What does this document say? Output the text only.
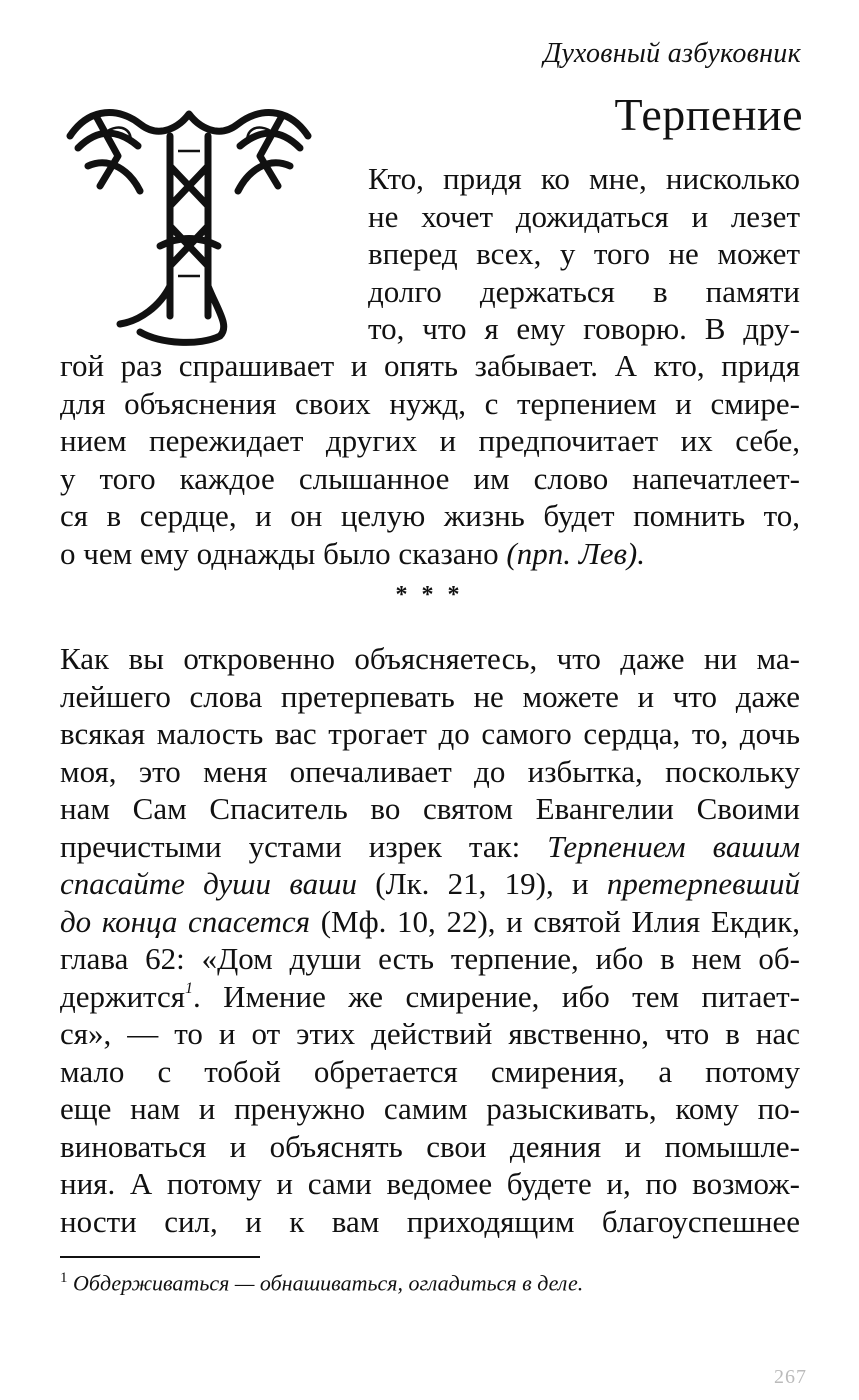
Духовный азбуковник
Терпение
Кто, придя ко мне, нисколько
не хочет дожидаться и лезет
вперед всех, у того не может
долго держаться в памяти
то, что я ему говорю. В дру-
гой раз спрашивает и опять забывает. А кто, придя
для объяснения своих нужд, с терпением и смире-
нием пережидает других и предпочитает их себе,
у того каждое слышанное им слово напечатлеет-
ся в сердце, и он целую жизнь будет помнить то,
о чем ему однажды было сказано (прп. Лев).
* * *
Как вы откровенно объясняетесь, что даже ни ма-
лейшего слова претерпевать не можете и что даже
всякая малость вас трогает до самого сердца, то, дочь
моя, это меня опечаливает до избытка, поскольку
нам Сам Спаситель во святом Евангелии Своими
пречистыми устами изрек так: Терпением вашим
спасайте души ваши (Лк. 21, 19), и претерпевший
до конца спасется (Мф. 10, 22), и святой Илия Екдик,
глава 62: «Дом души есть терпение, ибо в нем об-
держится$^1$. Имение же смирение, ибо тем питает-
ся», — то и от этих действий явственно, что в нас
мало с тобой обретается смирения, а потому
еще нам и пренужно самим разыскивать, кому по-
виноваться и объяснять свои деяния и помышле-
ния. А потому и сами ведомее будете и, по возмож-
ности сил, и к вам приходящим благоуспешнее
$^1$ Обдерживаться — обнашиваться, огладиться в деле.
267
